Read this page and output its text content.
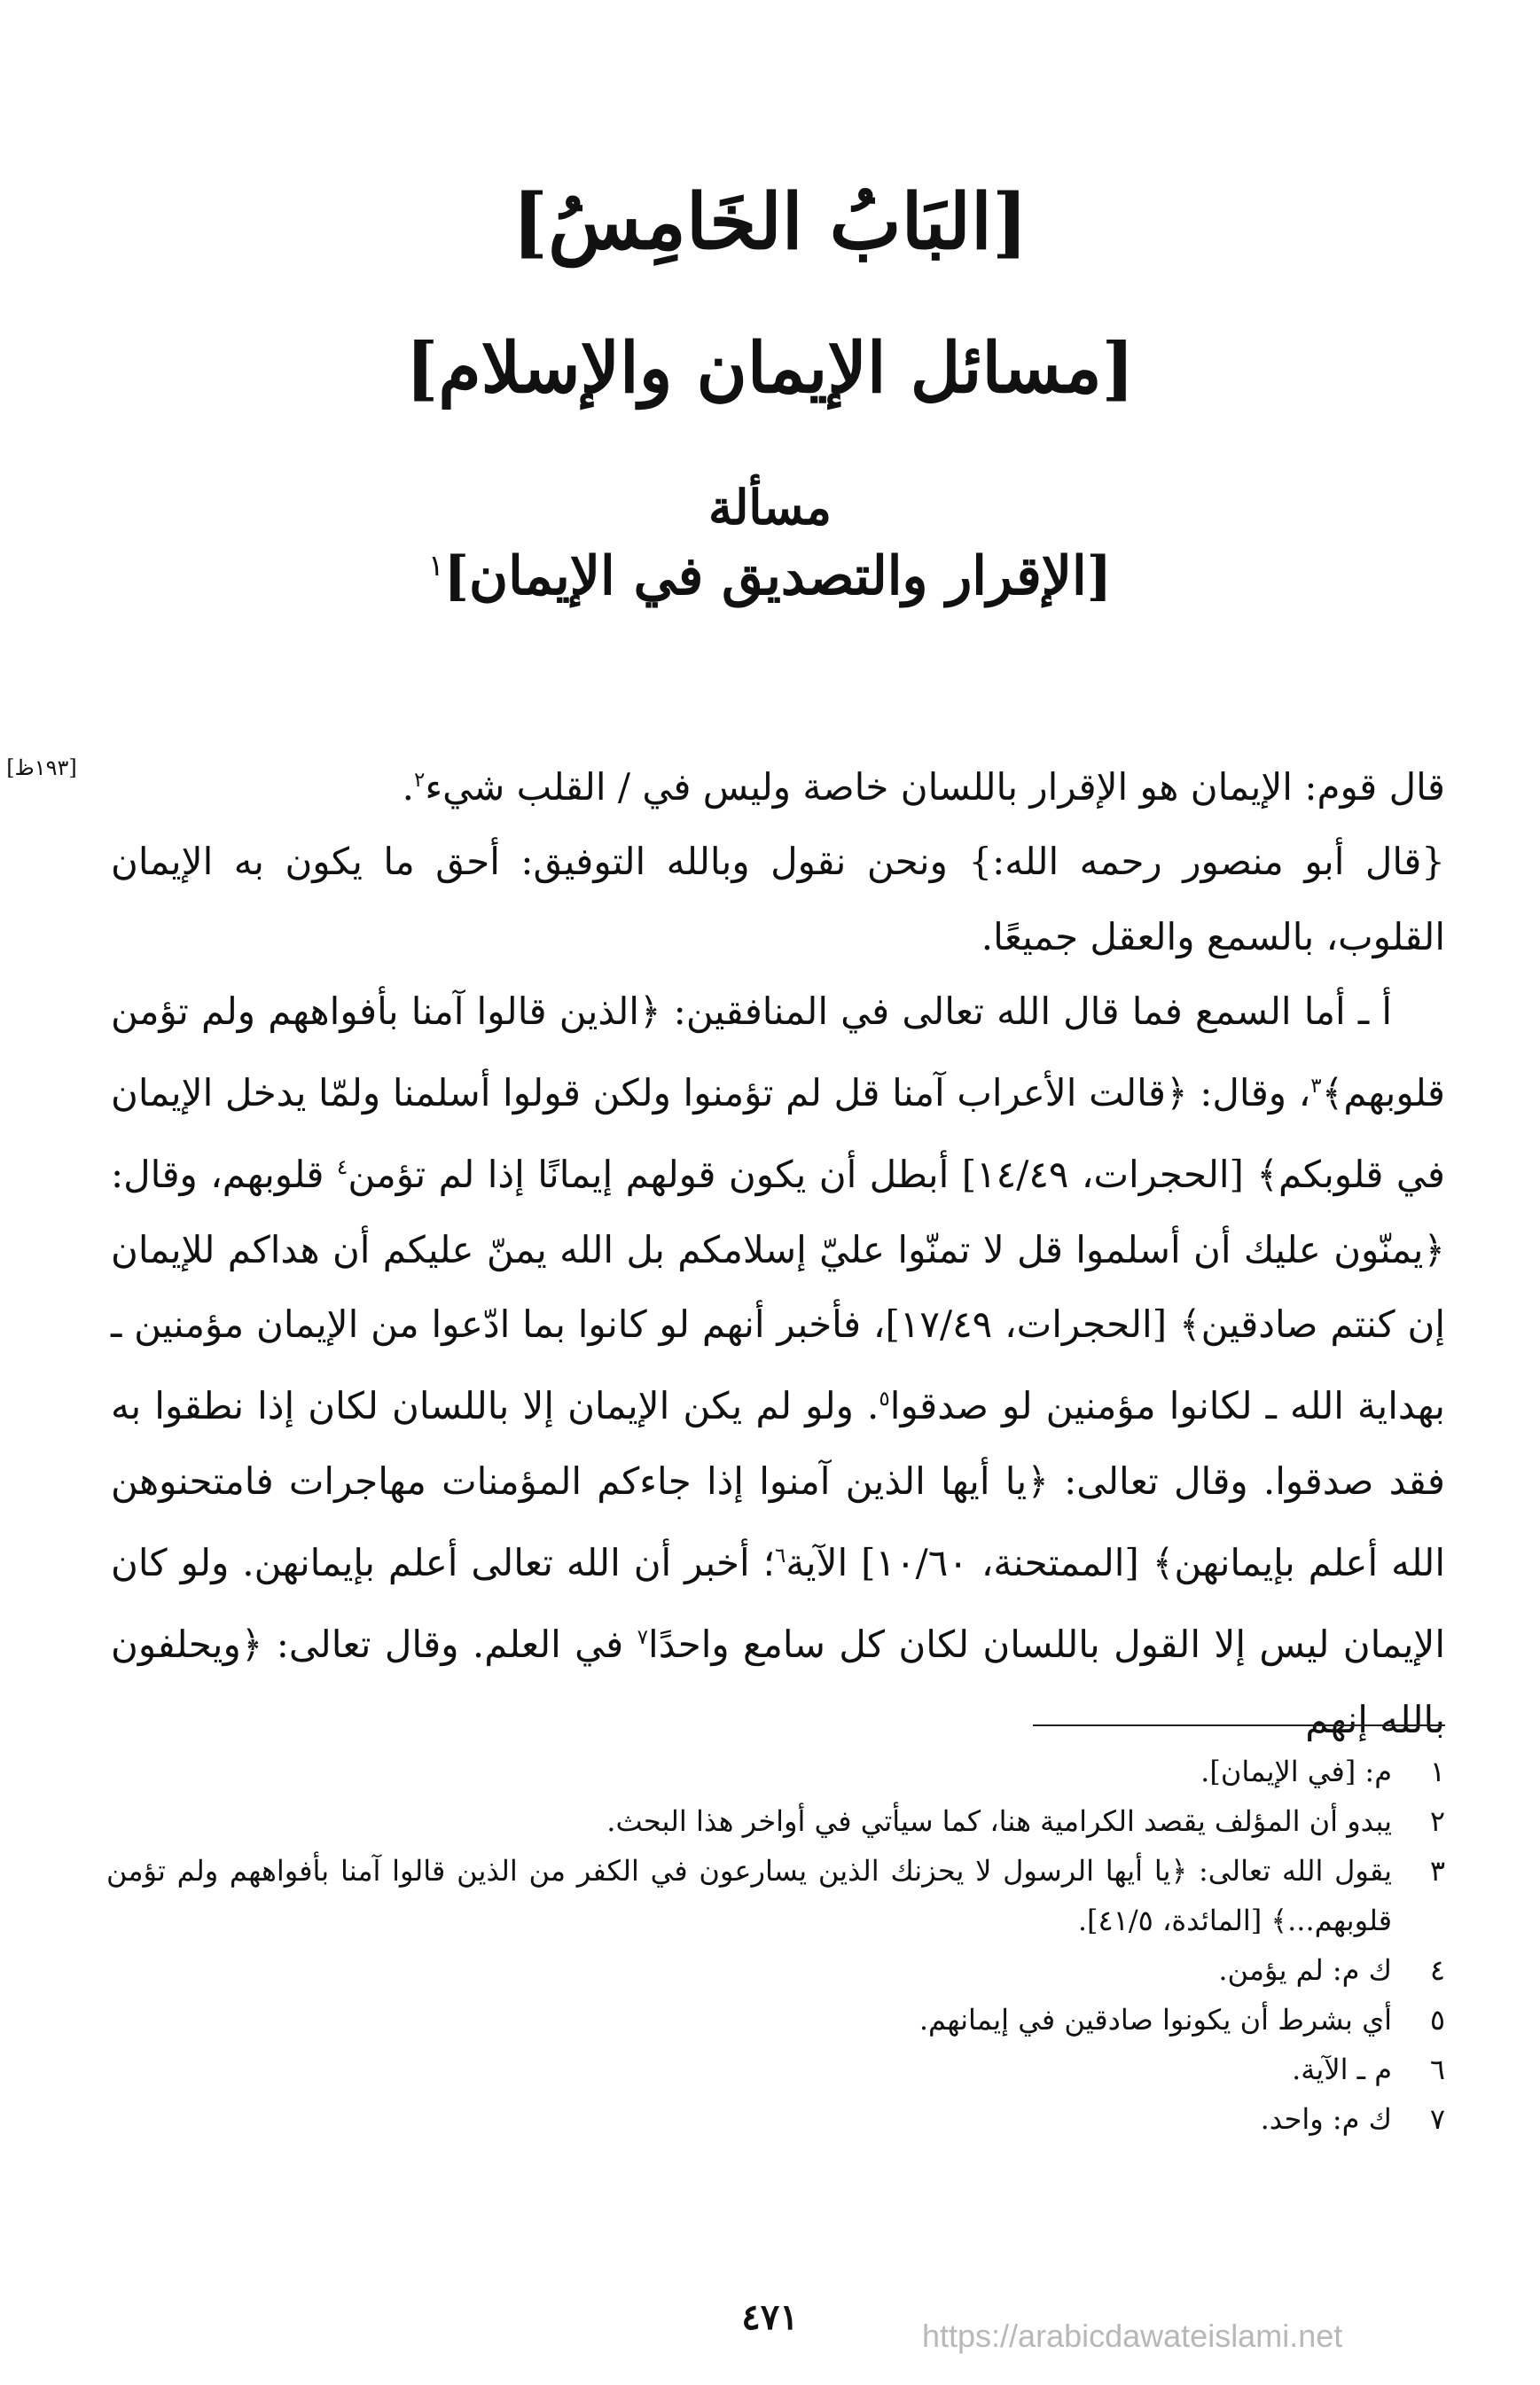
[البَابُ الخَامِسُ]
[مسائل الإيمان والإسلام]
مسألة
[الإقرار والتصديق في الإيمان]$^١$
[١٩٣ظ]	قال قوم: الإيمان هو الإقرار باللسان خاصة وليس في / القلب شيء$^٢$.

{قال أبو منصور رحمه الله:} ونحن نقول وبالله التوفيق: أحق ما يكون به الإيمان القلوب، بالسمع والعقل جميعًا.

أ ـ أما السمع فما قال الله تعالى في المنافقين: ﴿الذين قالوا آمنا بأفواههم ولم تؤمن قلوبهم﴾$^٣$، وقال: ﴿قالت الأعراب آمنا قل لم تؤمنوا ولكن قولوا أسلمنا ولمّا يدخل الإيمان في قلوبكم﴾ [الحجرات، ١٤/٤٩] أبطل أن يكون قولهم إيمانًا إذا لم تؤمن$^٤$ قلوبهم، وقال: ﴿يمنّون عليك أن أسلموا قل لا تمنّوا عليّ إسلامكم بل الله يمنّ عليكم أن هداكم للإيمان إن كنتم صادقين﴾ [الحجرات، ١٧/٤٩]، فأخبر أنهم لو كانوا بما ادّعوا من الإيمان مؤمنين ـ بهداية الله ـ لكانوا مؤمنين لو صدقوا$^٥$. ولو لم يكن الإيمان إلا باللسان لكان إذا نطقوا به فقد صدقوا. وقال تعالى: ﴿يا أيها الذين آمنوا إذا جاءكم المؤمنات مهاجرات فامتحنوهن الله أعلم بإيمانهن﴾ [الممتحنة، ١٠/٦٠] الآية$^٦$؛ أخبر أن الله تعالى أعلم بإيمانهن. ولو كان الإيمان ليس إلا القول باللسان لكان كل سامع واحدًا$^٧$ في العلم. وقال تعالى: ﴿ويحلفون بالله إنهم

١
م: [في الإيمان].
٢
يبدو أن المؤلف يقصد الكرامية هنا، كما سيأتي في أواخر هذا البحث.
٣
يقول الله تعالى: ﴿يا أيها الرسول لا يحزنك الذين يسارعون في الكفر من الذين قالوا آمنا بأفواههم ولم تؤمن قلوبهم...﴾ [المائدة، ٤١/٥].
٤
ك م: لم يؤمن.
٥
أي بشرط أن يكونوا صادقين في إيمانهم.
٦
م ـ الآية.
٧
ك م: واحد.
٤٧١	https://arabicdawateislami.net
